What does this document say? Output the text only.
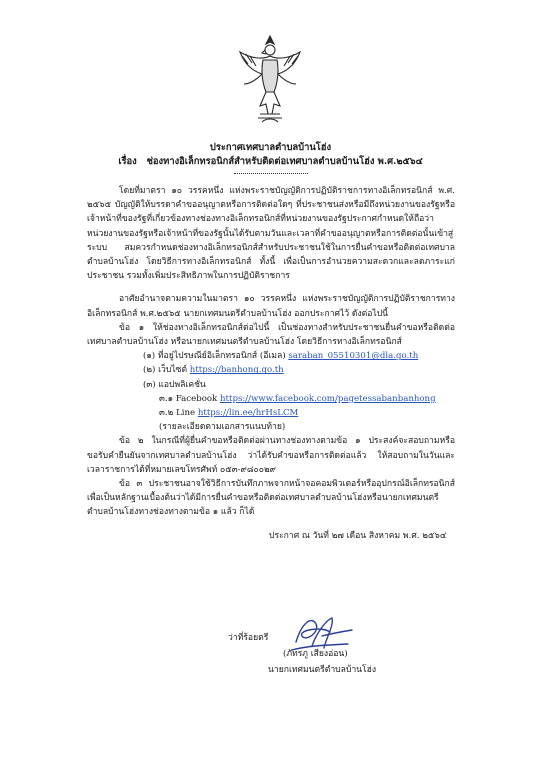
ประกาศเทศบาลตำบลบ้านโฮ่ง
เรื่อง ช่องทางอิเล็กทรอนิกส์สำหรับติดต่อเทศบาลตำบลบ้านโฮ่ง พ.ศ.๒๕๖๔

โดยที่มาตรา ๑๐ วรรคหนึ่ง แห่งพระราชบัญญัติการปฏิบัติราชการทางอิเล็กทรอนิกส์ พ.ศ. ๒๕๖๕ บัญญัติให้บรรดาคำขออนุญาตหรือการติดต่อใดๆ ที่ประชาชนส่งหรือมีถึงหน่วยงานของรัฐหรือเจ้าหน้าที่ของรัฐที่เกี่ยวข้องทางช่องทางอิเล็กทรอนิกส์ที่หน่วยงานของรัฐประกาศกำหนดให้ถือว่าหน่วยงานของรัฐหรือเจ้าหน้าที่ของรัฐนั้นได้รับตามวันและเวลาที่คำขออนุญาตหรือการติดต่อนั้นเข้าสู่ระบบ สมควรกำหนดช่องทางอิเล็กทรอนิกส์สำหรับประชาชนใช้ในการยื่นคำขอหรือติดต่อเทศบาลตำบลบ้านโฮ่ง โดยวิธีการทางอิเล็กทรอนิกส์ ทั้งนี้ เพื่อเป็นการอำนวยความสะดวกและลดภาระแก่ประชาชน รวมทั้งเพิ่มประสิทธิภาพในการปฏิบัติราชการ

อาศัยอำนาจตามความในมาตรา ๑๐ วรรคหนึ่ง แห่งพระราชบัญญัติการปฏิบัติราชการทางอิเล็กทรอนิกส์ พ.ศ.๒๕๖๕ นายกเทศมนตรีตำบลบ้านโฮ่ง ออกประกาศไว้ ดังต่อไปนี้

ข้อ ๑ ให้ช่องทางอิเล็กทรอนิกส์ต่อไปนี้ เป็นช่องทางสำหรับประชาชนยื่นคำขอหรือติดต่อเทศบาลตำบลบ้านโฮ่ง หรือนายกเทศมนตรีตำบลบ้านโฮ่ง โดยวิธีการทางอิเล็กทรอนิกส์

(๑) ที่อยู่ไปรษณีย์อิเล็กทรอนิกส์ (อีเมล) saraban_05510301@dla.go.th

(๒) เว็บไซต์ https://banhong.go.th

(๓) แอปพลิเคชั่น

๓.๑ Facebook https://www.facebook.com/pagetessabanbanhong

๓.๒ Line https://lin.ee/hrHsLCM

(รายละเอียดตามเอกสารแนบท้าย)

ข้อ ๒ ในกรณีที่ผู้ยื่นคำขอหรือติดต่อผ่านทางช่องทางตามข้อ ๑ ประสงค์จะสอบถามหรือขอรับคำยืนยันจากเทศบาลตำบลบ้านโฮ่ง ว่าได้รับคำขอหรือการติดต่อแล้ว ให้สอบถามในวันและเวลาราชการได้ที่หมายเลขโทรศัพท์ ๐๕๓-๙๘๐๐๒๙

ข้อ ๓ ประชาชนอาจใช้วิธีการบันทึกภาพจากหน้าจอคอมพิวเตอร์หรืออุปกรณ์อิเล็กทรอนิกส์ เพื่อเป็นหลักฐานเบื้องต้นว่าได้มีการยื่นคำขอหรือติดต่อเทศบาลตำบลบ้านโฮ่งหรือนายกเทศมนตรีตำบลบ้านโฮ่งทางช่องทางตามข้อ ๑ แล้ว ก็ได้

ประกาศ ณ วันที่ ๒๗ เดือน สิงหาคม พ.ศ. ๒๕๖๔

ว่าที่ร้อยตรี
(ภัทรภู เสียงอ่อน)
นายกเทศมนตรีตำบลบ้านโฮ่ง
